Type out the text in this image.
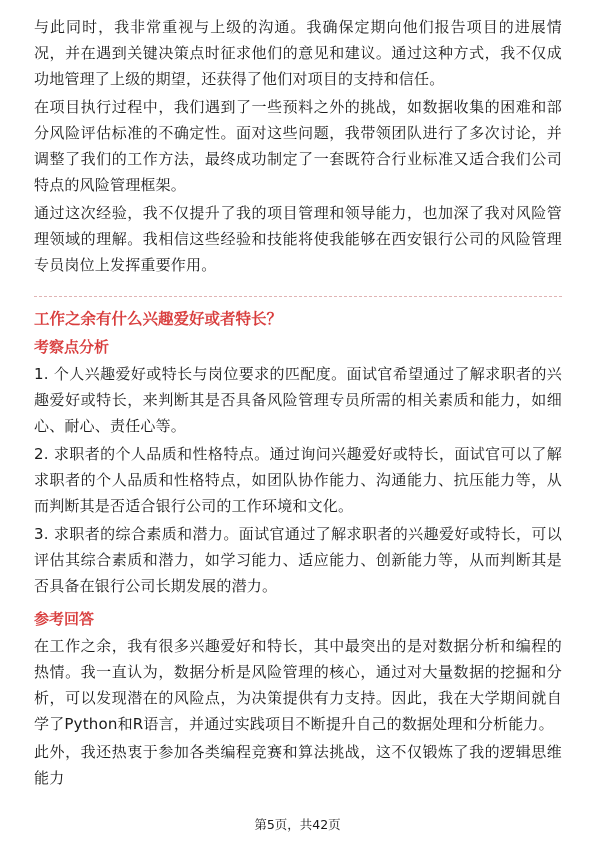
与此同时，我非常重视与上级的沟通。我确保定期向他们报告项目的进展情况，并在遇到关键决策点时征求他们的意见和建议。通过这种方式，我不仅成功地管理了上级的期望，还获得了他们对项目的支持和信任。

在项目执行过程中，我们遇到了一些预料之外的挑战，如数据收集的困难和部分风险评估标准的不确定性。面对这些问题，我带领团队进行了多次讨论，并调整了我们的工作方法，最终成功制定了一套既符合行业标准又适合我们公司特点的风险管理框架。

通过这次经验，我不仅提升了我的项目管理和领导能力，也加深了我对风险管理领域的理解。我相信这些经验和技能将使我能够在西安银行公司的风险管理专员岗位上发挥重要作用。

工作之余有什么兴趣爱好或者特长？
考察点分析

1. 个人兴趣爱好或特长与岗位要求的匹配度。面试官希望通过了解求职者的兴趣爱好或特长，来判断其是否具备风险管理专员所需的相关素质和能力，如细心、耐心、责任心等。

2. 求职者的个人品质和性格特点。通过询问兴趣爱好或特长，面试官可以了解求职者的个人品质和性格特点，如团队协作能力、沟通能力、抗压能力等，从而判断其是否适合银行公司的工作环境和文化。

3. 求职者的综合素质和潜力。面试官通过了解求职者的兴趣爱好或特长，可以评估其综合素质和潜力，如学习能力、适应能力、创新能力等，从而判断其是否具备在银行公司长期发展的潜力。

参考回答

在工作之余，我有很多兴趣爱好和特长，其中最突出的是对数据分析和编程的热情。我一直认为，数据分析是风险管理的核心，通过对大量数据的挖掘和分析，可以发现潜在的风险点，为决策提供有力支持。因此，我在大学期间就自学了Python和R语言，并通过实践项目不断提升自己的数据处理和分析能力。

此外，我还热衷于参加各类编程竞赛和算法挑战，这不仅锻炼了我的逻辑思维能力

第5页，共42页
